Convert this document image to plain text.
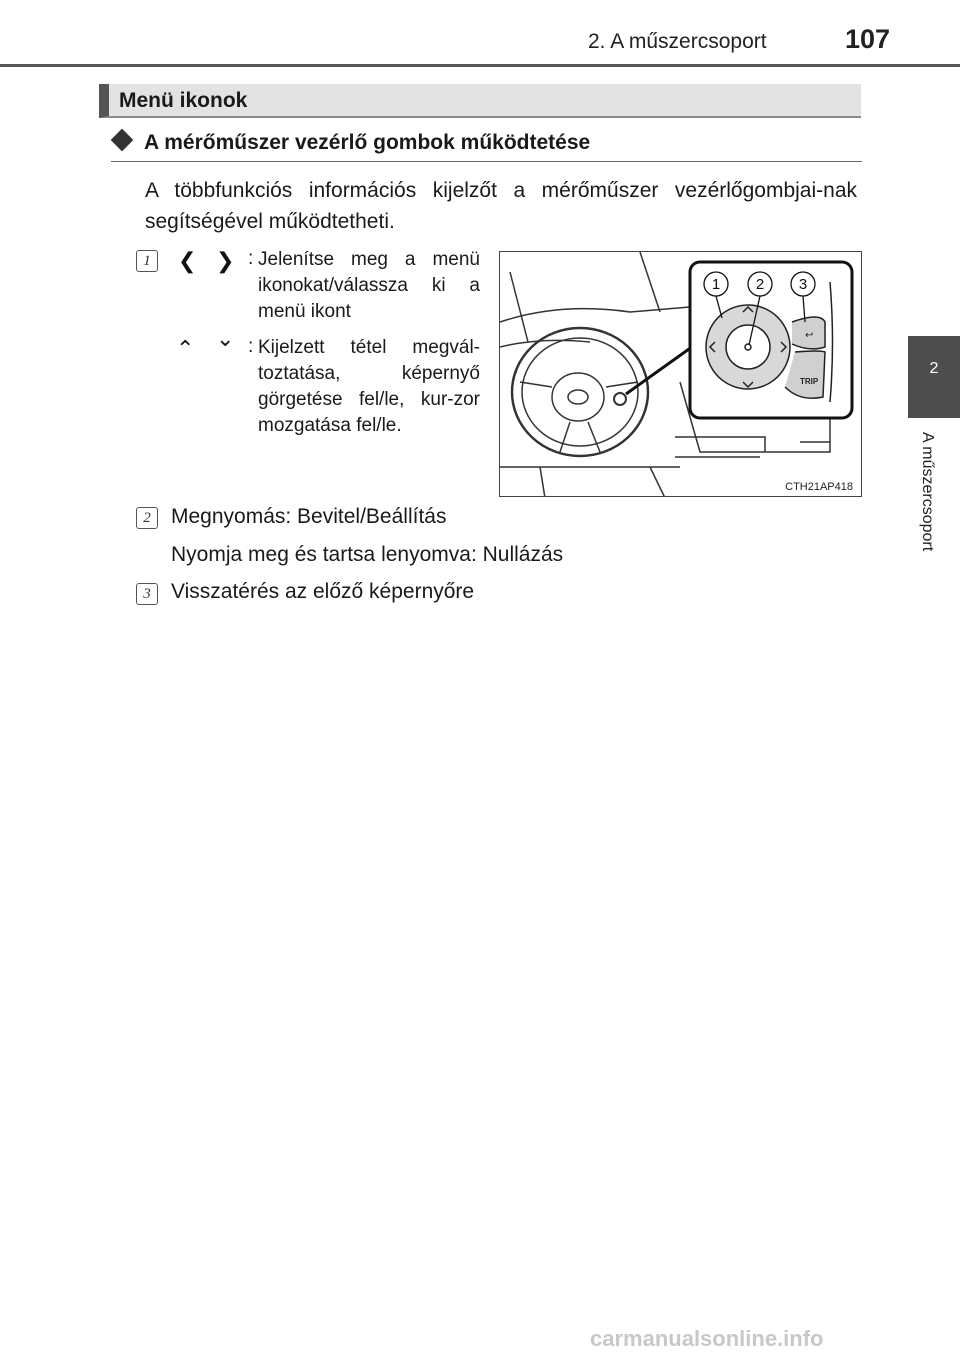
2. A műszercsoport	107
2
A műszercsoport
Menü ikonok
A mérőműszer vezérlő gombok működtetése
A többfunkciós információs kijelzőt a mérőműszer vezérlőgombjai-nak segítségével működtetheti.
1	❮ ❯ : Jelenítse meg a menü ikonokat/válassza ki a menü ikont
⌃ ⌄ : Kijelzett tétel megvál-toztatása, képernyő görgetése fel/le, kur-zor mozgatása fel/le.
TRIP
↩
1 2 3
CTH21AP418
2 Megnyomás: Bevitel/Beállítás
Nyomja meg és tartsa lenyomva: Nullázás
3 Visszatérés az előző képernyőre
carmanualsonline.info
